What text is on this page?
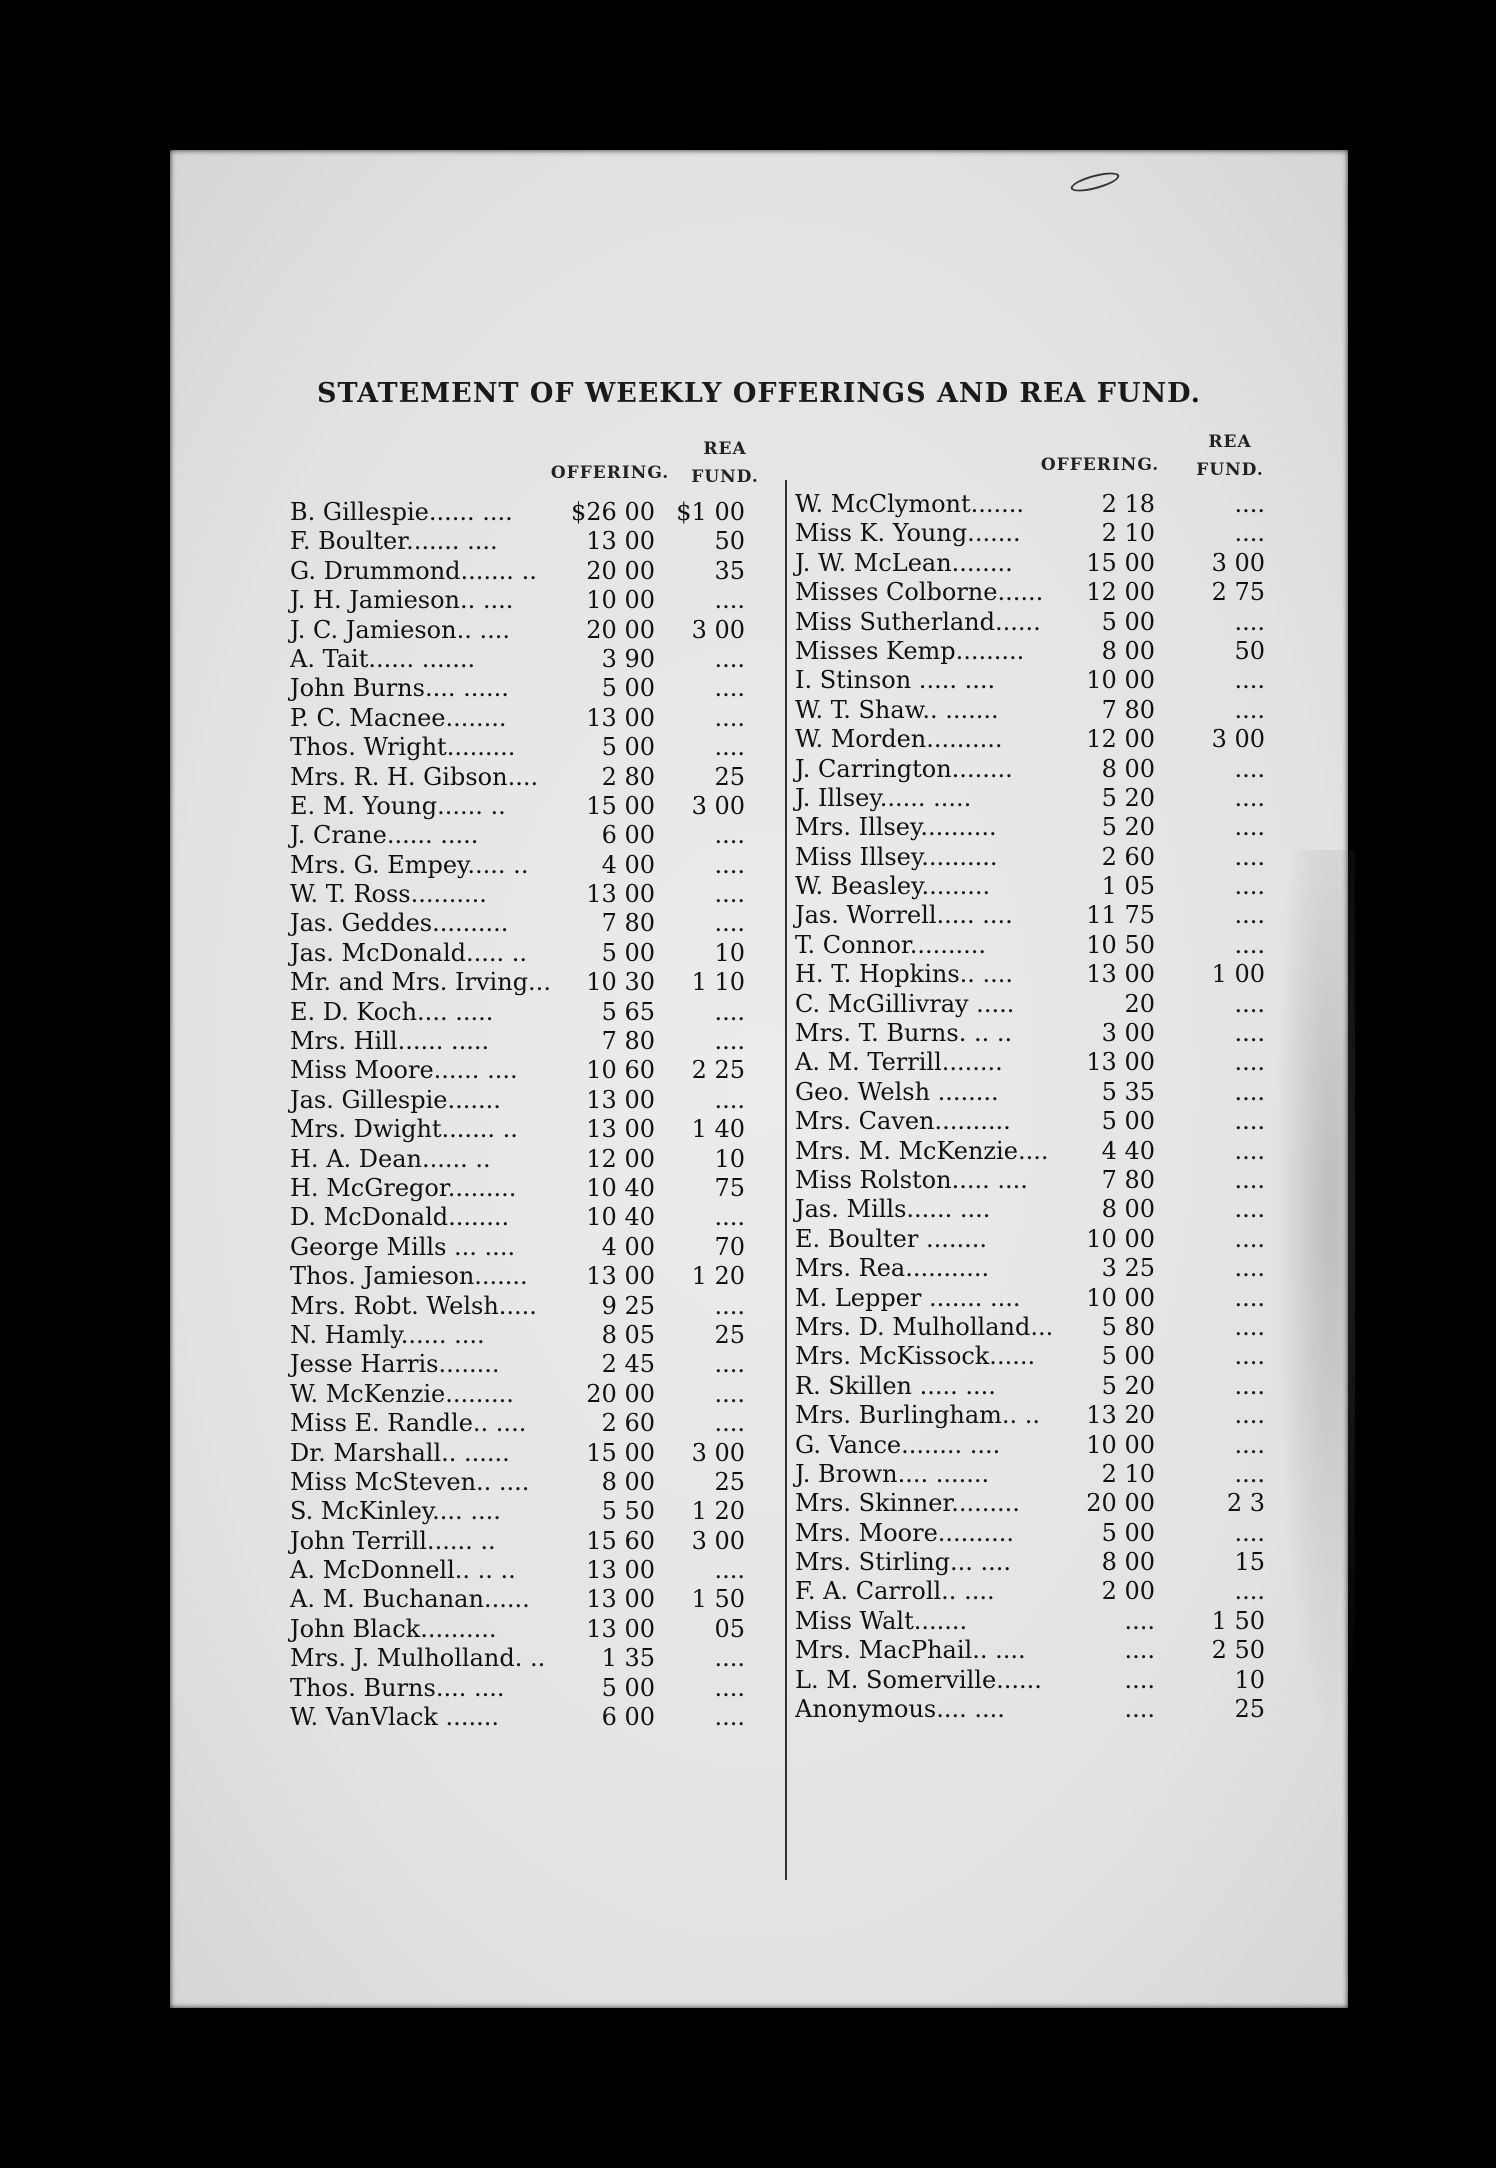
STATEMENT OF WEEKLY OFFERINGS AND REA FUND.
OFFERING.
REA
FUND.
OFFERING.
REA
FUND.
B. Gillespie...... ....	$26 00 $1 00
F. Boulter....... ....	13 00	50
G. Drummond....... ..	20 00	35
J. H. Jamieson.. ....	10 00	....
J. C. Jamieson.. ....	20 00	3 00
A. Tait...... .......	3 90	....
John Burns.... ......	5 00	....
P. C. Macnee........	13 00	....
Thos. Wright.........	5 00	....
Mrs. R. H. Gibson....	2 80	25
E. M. Young...... ..	15 00	3 00
J. Crane...... .....	6 00	....
Mrs. G. Empey..... ..	4 00	....
W. T. Ross..........	13 00	....
Jas. Geddes..........	7 80	....
Jas. McDonald..... ..	5 00	10
Mr. and Mrs. Irving...	10 30	1 10
E. D. Koch.... .....	5 65	....
Mrs. Hill...... .....	7 80	....
Miss Moore...... ....	10 60	2 25
Jas. Gillespie.......	13 00	....
Mrs. Dwight....... ..	13 00	1 40
H. A. Dean...... ..	12 00	10
H. McGregor.........	10 40	75
D. McDonald........	10 40	....
George Mills ... ....	4 00	70
Thos. Jamieson.......	13 00	1 20
Mrs. Robt. Welsh.....	9 25	....
N. Hamly...... ....	8 05	25
Jesse Harris........	2 45	....
W. McKenzie.........	20 00	....
Miss E. Randle.. ....	2 60	....
Dr. Marshall.. ......	15 00	3 00
Miss McSteven.. ....	8 00	25
S. McKinley.... ....	5 50	1 20
John Terrill...... ..	15 60	3 00
A. McDonnell.. .. ..	13 00	....
A. M. Buchanan......	13 00	1 50
John Black..........	13 00	05
Mrs. J. Mulholland. ..	1 35	....
Thos. Burns.... ....	5 00	....
W. VanVlack .......	6 00	....
W. McClymont.......	2 18	....
Miss K. Young.......	2 10	....
J. W. McLean........	15 00	3 00
Misses Colborne......	12 00	2 75
Miss Sutherland......	5 00	....
Misses Kemp.........	8 00	50
I. Stinson ..... ....	10 00	....
W. T. Shaw.. .......	7 80	....
W. Morden..........	12 00	3 00
J. Carrington........	8 00	....
J. Illsey...... .....	5 20	....
Mrs. Illsey..........	5 20	....
Miss Illsey..........	2 60	....
W. Beasley.........	1 05	....
Jas. Worrell..... ....	11 75	....
T. Connor..........	10 50	....
H. T. Hopkins.. ....	13 00	1 00
C. McGillivray .....	20	....
Mrs. T. Burns. .. ..	3 00	....
A. M. Terrill........	13 00	....
Geo. Welsh ........	5 35	....
Mrs. Caven..........	5 00	....
Mrs. M. McKenzie....	4 40	....
Miss Rolston..... ....	7 80	....
Jas. Mills...... ....	8 00	....
E. Boulter ........	10 00	....
Mrs. Rea...........	3 25	....
M. Lepper ....... ....	10 00	....
Mrs. D. Mulholland...	5 80	....
Mrs. McKissock......	5 00	....
R. Skillen ..... ....	5 20	....
Mrs. Burlingham.. ..	13 20	....
G. Vance........ ....	10 00	....
J. Brown.... .......	2 10	....
Mrs. Skinner.........	20 00	2 3
Mrs. Moore..........	5 00	....
Mrs. Stirling... ....	8 00	15
F. A. Carroll.. ....	2 00	....
Miss Walt.......	....	1 50
Mrs. MacPhail.. ....	....	2 50
L. M. Somerville......	....	10
Anonymous.... ....	....	25
